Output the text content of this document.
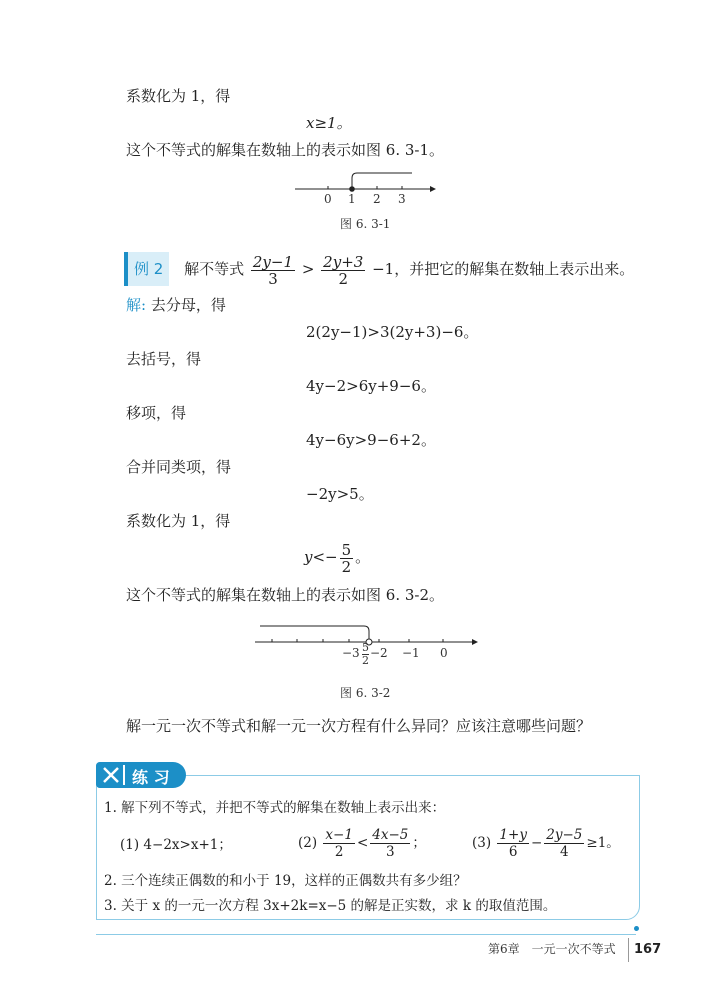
系数化为 1，得
x≥1。
这个不等式的解集在数轴上的表示如图 6. 3-1。
0 1 2 3
图 6. 3-1
例 2 解不等式 $\frac{2y-1}{3} > \frac{2y+3}{2} -1$，并把它的解集在数轴上表示出来。
解: 去分母，得
2(2y−1)>3(2y+3)−6。
去括号，得
4y−2>6y+9−6。
移项，得
4y−6y>9−6+2。
合并同类项，得
−2y>5。
系数化为 1，得
$y<- \frac{5}{2}$ 。
这个不等式的解集在数轴上的表示如图 6. 3-2。
$-3 \frac{5}{2} -2 -1$ 0
图 6. 3-2
解一元一次不等式和解一元一次方程有什么异同？应该注意哪些问题？
练 习
1. 解下列不等式，并把不等式的解集在数轴上表示出来：
(1) 4−2x>x+1；	$(2) \frac{x-1}{2} < \frac{4x-5}{3}$ ；	$(3) \frac{1+y}{6} - \frac{2y-5}{4} \ge 1$。
2. 三个连续正偶数的和小于 19，这样的正偶数共有多少组？
3. 关于 x 的一元一次方程 3x+2k=x−5 的解是正实数，求 k 的取值范围。
第6章　一元一次不等式 167
